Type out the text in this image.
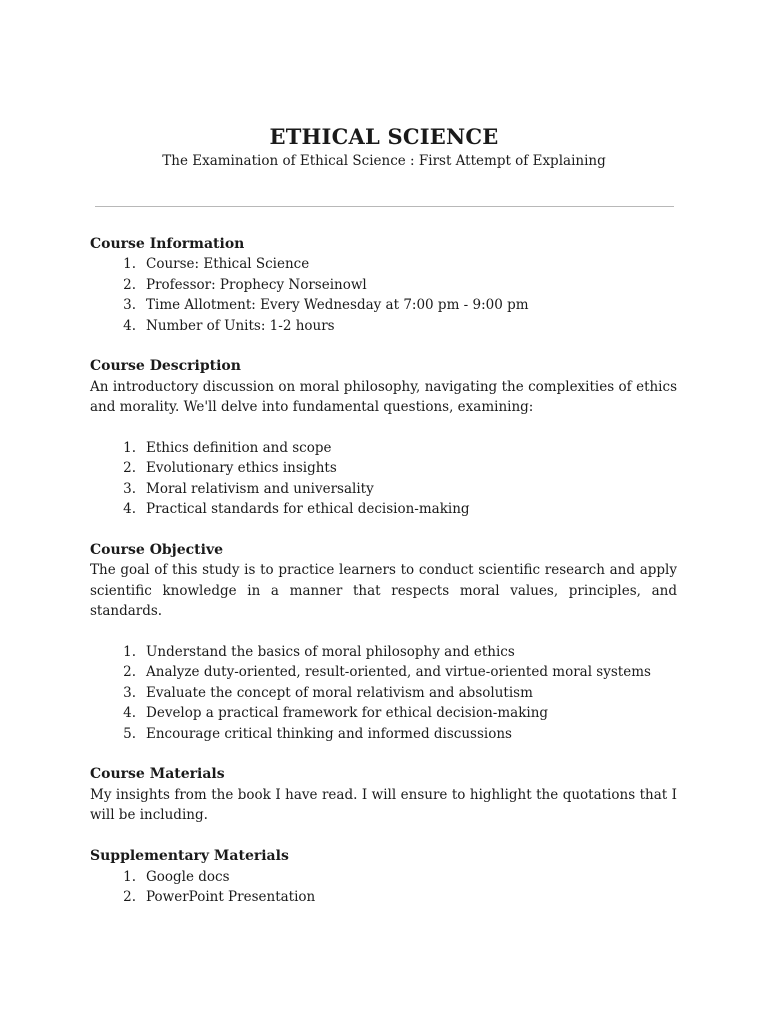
ETHICAL SCIENCE

The Examination of Ethical Science : First Attempt of Explaining

Course Information

1. Course: Ethical Science
2. Professor: Prophecy Norseinowl
3. Time Allotment: Every Wednesday at 7:00 pm - 9:00 pm
4. Number of Units: 1-2 hours

Course Description

An introductory discussion on moral philosophy, navigating the complexities of ethics and morality. We'll delve into fundamental questions, examining:

1. Ethics definition and scope
2. Evolutionary ethics insights
3. Moral relativism and universality
4. Practical standards for ethical decision-making

Course Objective

The goal of this study is to practice learners to conduct scientific research and apply scientific knowledge in a manner that respects moral values, principles, and standards.

1. Understand the basics of moral philosophy and ethics
2. Analyze duty-oriented, result-oriented, and virtue-oriented moral systems
3. Evaluate the concept of moral relativism and absolutism
4. Develop a practical framework for ethical decision-making
5. Encourage critical thinking and informed discussions

Course Materials

My insights from the book I have read. I will ensure to highlight the quotations that I will be including.

Supplementary Materials

1. Google docs
2. PowerPoint Presentation
